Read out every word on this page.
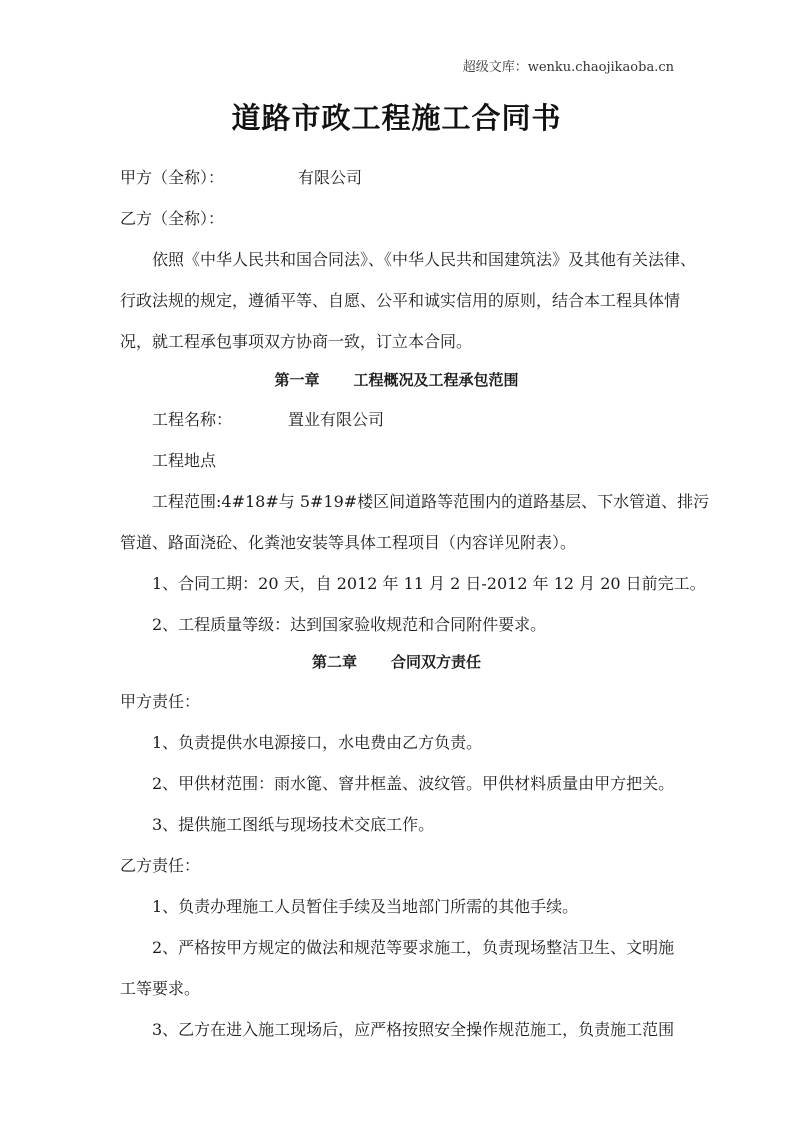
超级文库：wenku.chaojikaoba.cn
道路市政工程施工合同书
甲方（全称）：	有限公司
乙方（全称）：
依照《中华人民共和国合同法》、《中华人民共和国建筑法》及其他有关法律、
行政法规的规定，遵循平等、自愿、公平和诚实信用的原则，结合本工程具体情
况，就工程承包事项双方协商一致，订立本合同。
第一章 工程概况及工程承包范围
工程名称：	置业有限公司
工程地点
工程范围:4#18#与 5#19#楼区间道路等范围内的道路基层、下水管道、排污
管道、路面浇砼、化粪池安装等具体工程项目（内容详见附表）。
1、合同工期：20 天，自 2012 年 11 月 2 日-2012 年 12 月 20 日前完工。
2、工程质量等级：达到国家验收规范和合同附件要求。
第二章 合同双方责任
甲方责任：
1、负责提供水电源接口，水电费由乙方负责。
2、甲供材范围：雨水篦、窨井框盖、波纹管。甲供材料质量由甲方把关。
3、提供施工图纸与现场技术交底工作。
乙方责任：
1、负责办理施工人员暂住手续及当地部门所需的其他手续。
2、严格按甲方规定的做法和规范等要求施工，负责现场整洁卫生、文明施
工等要求。
3、乙方在进入施工现场后，应严格按照安全操作规范施工，负责施工范围
